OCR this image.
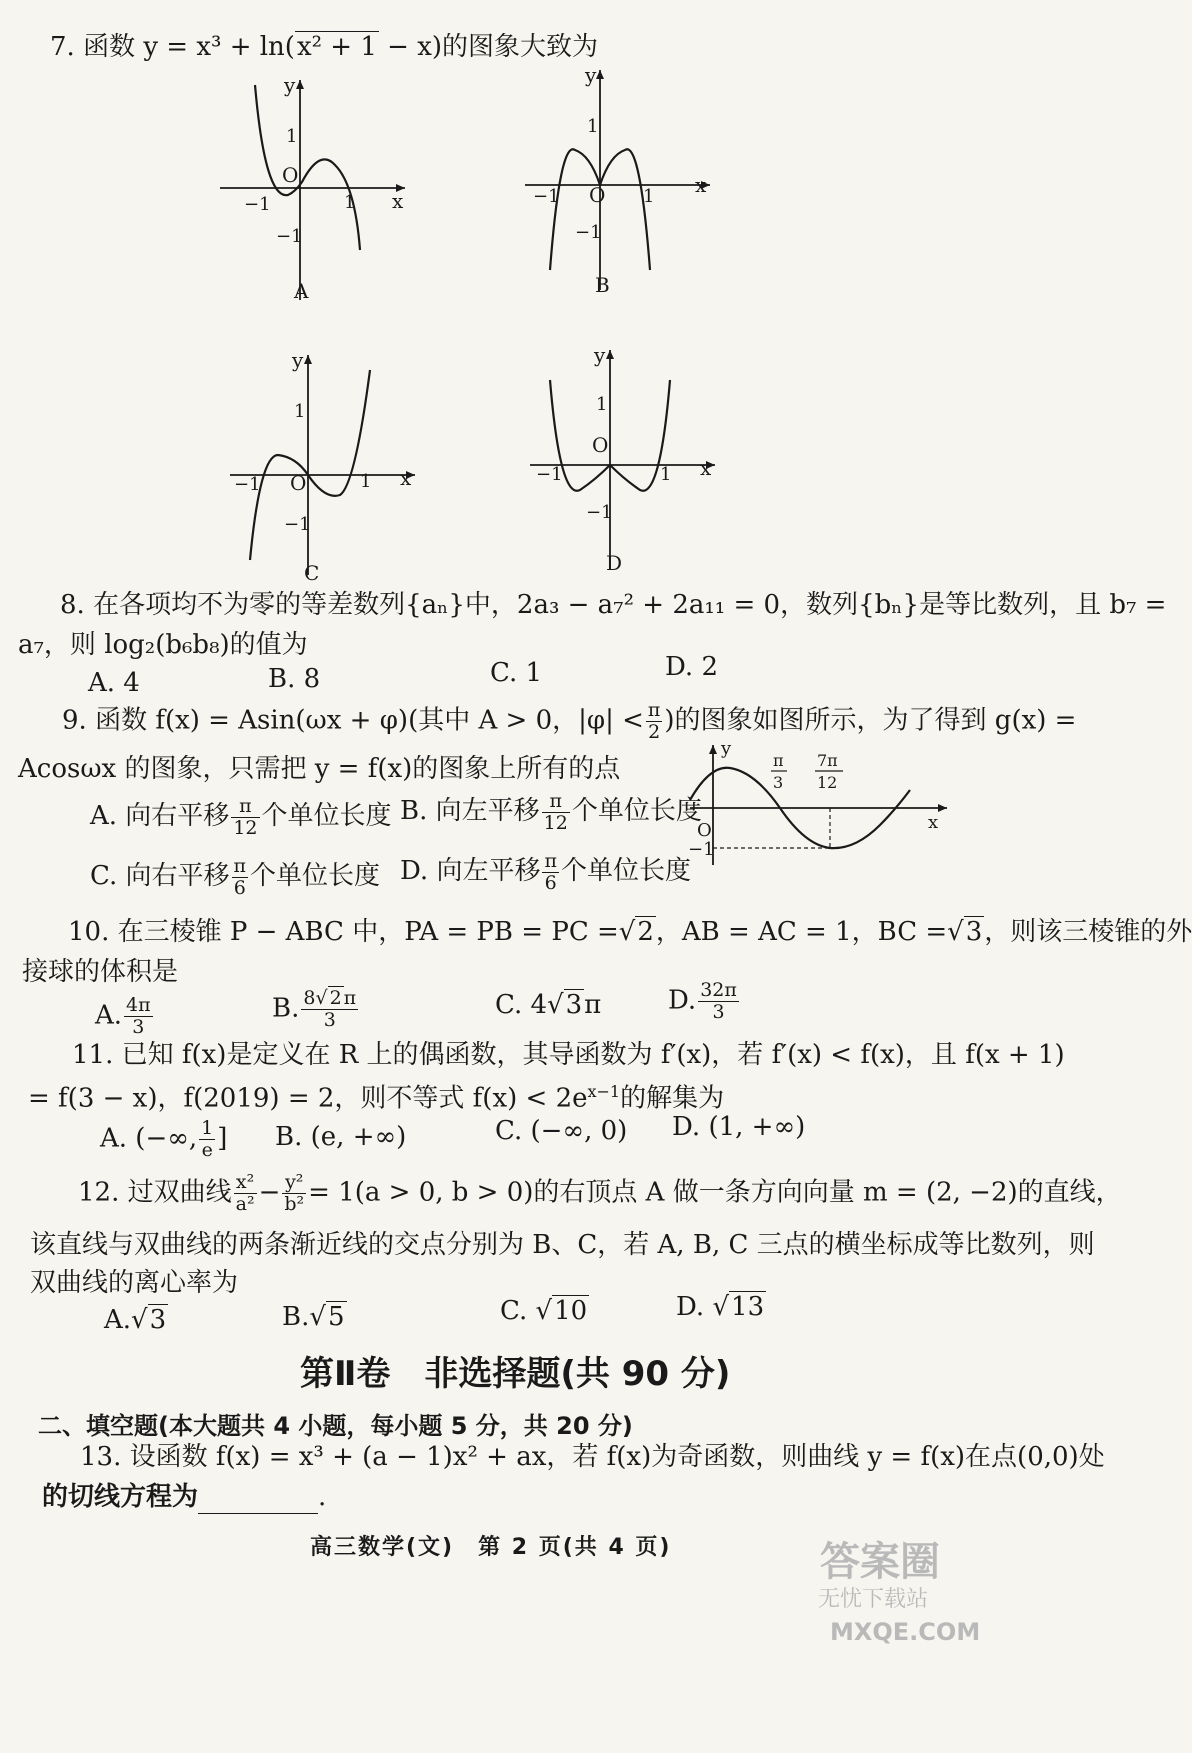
7. 函数 y = x³ + ln(x² + 1 − x)的图象大致为
y
x
O
1
−1
−1	1
A
y
x
O
1
−1
−1	1
B
y
x
O
1
−1
−1	1
C
y
x
O
1
−1
−1	1
D
8. 在各项均不为零的等差数列{aₙ}中，2a₃ − a₇² + 2a₁₁ = 0，数列{bₙ}是等比数列，且 b₇ =
a₇，则 log₂(b₆b₈)的值为
A. 4	B. 8	C. 1	D. 2
9. 函数 f(x) = Asin(ωx + φ)(其中 A > 0，$|\varphi| < \frac{\pi}{2}$ )的图象如图所示，为了得到 g(x) =
Acosωx 的图象，只需把 y = f(x)的图象上所有的点
A. 向右平移 $\frac{\pi}{12}$ 个单位长度 B. 向左平移 $\frac{\pi}{12}$ 个单位长度
C. 向右平移 $\frac{\pi}{6}$ 个单位长度 D. 向左平移 $\frac{\pi}{6}$ 个单位长度
y
x
O
−1
π
3
7π
12
10. 在三棱锥 P − ABC 中，PA = PB = PC =√2，AB = AC = 1，BC =√3，则该三棱锥的外
接球的体积是
A. $\frac{4\pi}{3}$	B. $\frac{8√ 2 \pi}{3}$	C. 4√3π	D. $\frac{32\pi}{3}$
11. 已知 f(x)是定义在 R 上的偶函数，其导函数为 f′(x)，若 f′(x) < f(x)，且 f(x + 1)
= f(3 − x)，f(2019) = 2，则不等式 $f(x) < 2e^{x-1}$的解集为
A. (−∞, $\frac{1}{e}$ ] B. (e, +∞)	C. (−∞, 0) D. (1, +∞)
12. 过双曲线 $\frac{\text{x²}}{\text{a²}} - \frac{\text{y²}}{\text{b²}} = 1(a > 0$, b > 0)的右顶点 A 做一条方向向量 m = (2, −2)的直线，
该直线与双曲线的两条渐近线的交点分别为 B、C，若 A, B, C 三点的横坐标成等比数列，则
双曲线的离心率为
A.√3	B.√5	C. √10	D. √13
第Ⅱ卷　非选择题(共 90 分)
二、填空题(本大题共 4 小题，每小题 5 分，共 20 分)
13. 设函数 f(x) = x³ + (a − 1)x² + ax，若 f(x)为奇函数，则曲线 y = f(x)在点(0,0)处
的切线方程为	.
高三数学(文)　第 2 页(共 4 页)	答案圈
无忧下载站
MXQE.COM
